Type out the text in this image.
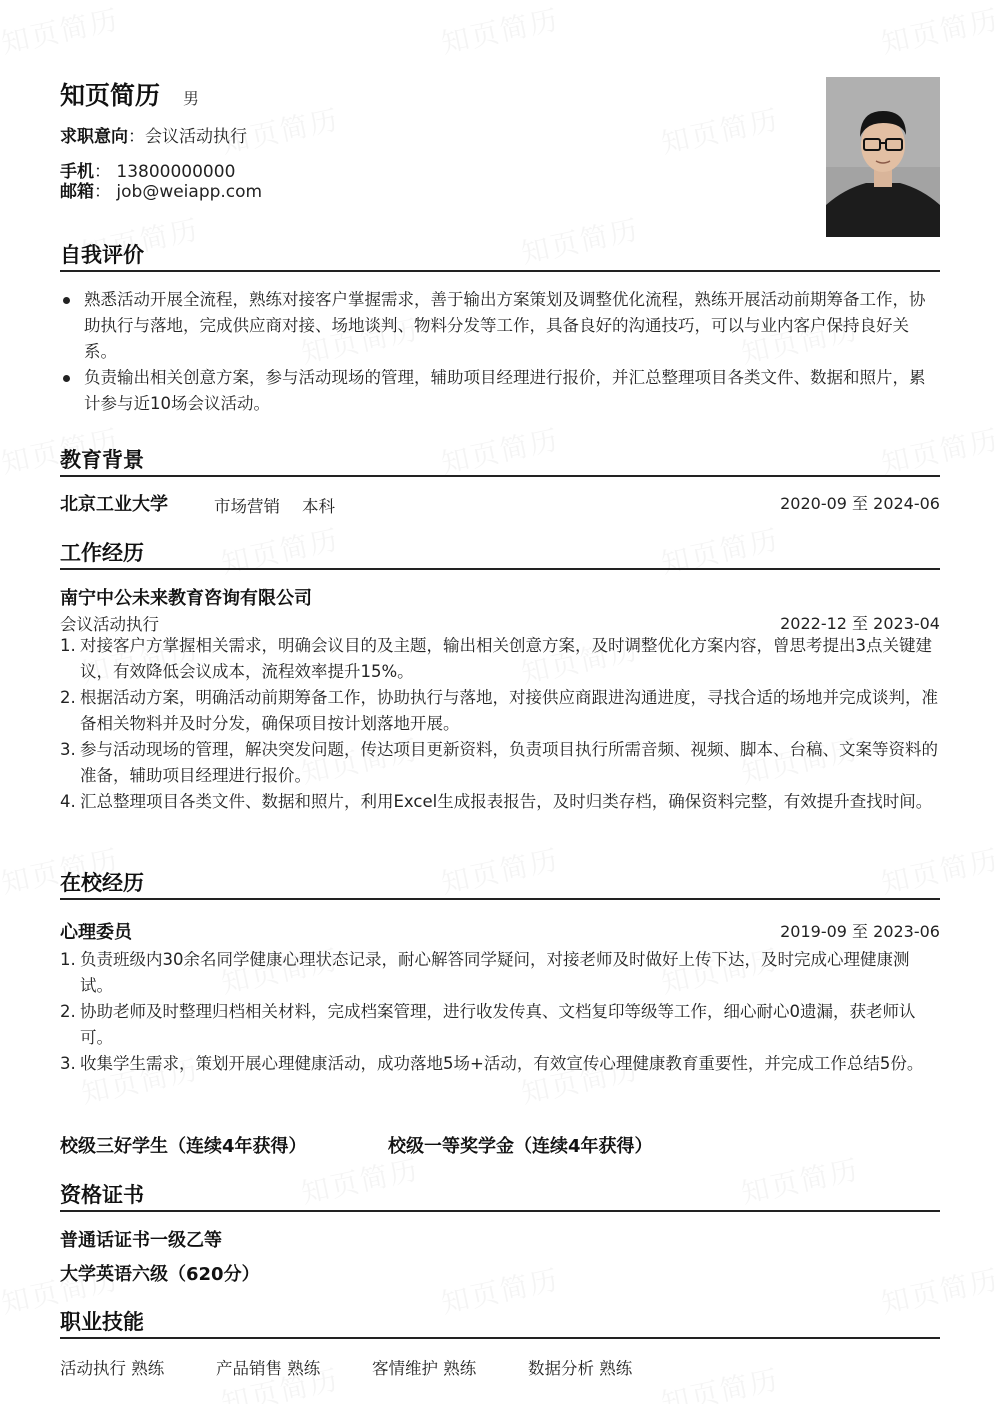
知页简历 男
求职意向：会议活动执行
手机： 13800000000
邮箱： job@weiapp.com
自我评价
熟悉活动开展全流程，熟练对接客户掌握需求，善于输出方案策划及调整优化流程，熟练开展活动前期筹备工作，协助执行与落地，完成供应商对接、场地谈判、物料分发等工作，具备良好的沟通技巧，可以与业内客户保持良好关系。
负责输出相关创意方案，参与活动现场的管理，辅助项目经理进行报价，并汇总整理项目各类文件、数据和照片，累计参与近10场会议活动。
教育背景
北京工业大学	市场营销 本科	2020-09 至 2024-06
工作经历
南宁中公未来教育咨询有限公司
会议活动执行	2022-12 至 2023-04
1. 对接客户方掌握相关需求，明确会议目的及主题，输出相关创意方案，及时调整优化方案内容，曾思考提出3点关键建议，有效降低会议成本，流程效率提升15%。
2. 根据活动方案，明确活动前期筹备工作，协助执行与落地，对接供应商跟进沟通进度，寻找合适的场地并完成谈判，准备相关物料并及时分发，确保项目按计划落地开展。
3. 参与活动现场的管理，解决突发问题，传达项目更新资料，负责项目执行所需音频、视频、脚本、台稿、文案等资料的准备，辅助项目经理进行报价。
4. 汇总整理项目各类文件、数据和照片，利用Excel生成报表报告，及时归类存档，确保资料完整，有效提升查找时间。
在校经历
心理委员	2019-09 至 2023-06
1. 负责班级内30余名同学健康心理状态记录，耐心解答同学疑问，对接老师及时做好上传下达，及时完成心理健康测试。
2. 协助老师及时整理归档相关材料，完成档案管理，进行收发传真、文档复印等级等工作，细心耐心0遗漏，获老师认可。
3. 收集学生需求，策划开展心理健康活动，成功落地5场+活动，有效宣传心理健康教育重要性，并完成工作总结5份。
校级三好学生（连续4年获得）	校级一等奖学金（连续4年获得）
资格证书
普通话证书一级乙等
大学英语六级（620分）
职业技能
活动执行 熟练	产品销售 熟练	客情维护 熟练	数据分析 熟练
